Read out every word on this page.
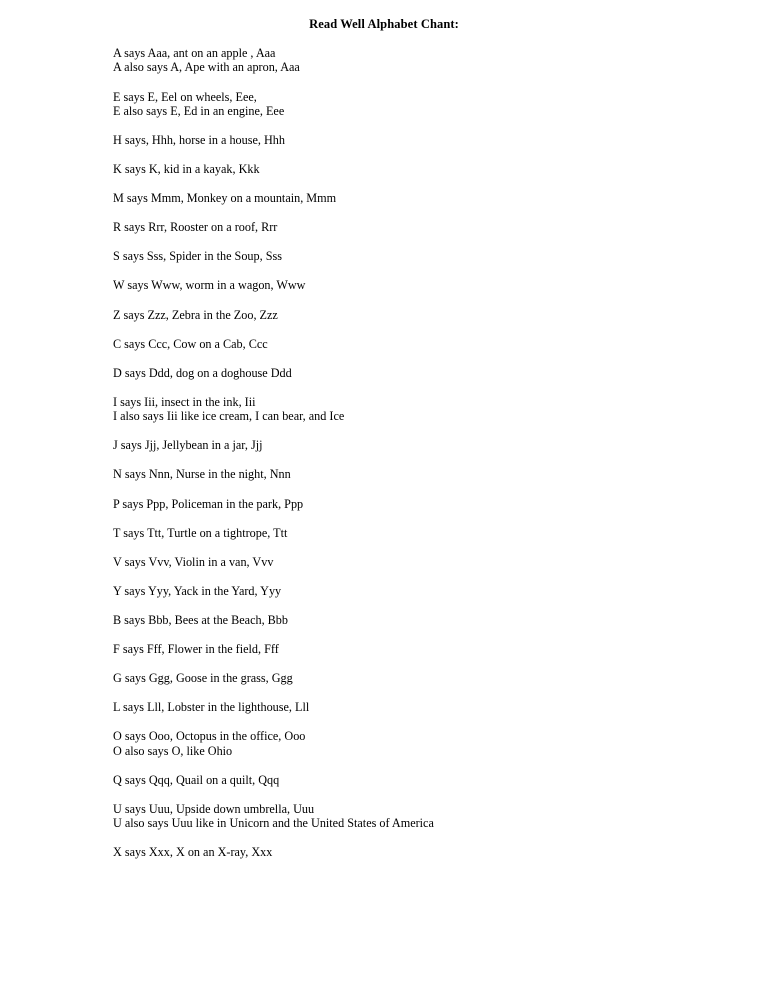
Read Well Alphabet Chant:
A says Aaa, ant on an apple , Aaa
A also says A, Ape with an apron, Aaa
E says E, Eel on wheels, Eee,
E also says E, Ed in an engine, Eee
H says, Hhh, horse in a house, Hhh
K says K, kid in a kayak, Kkk
M says Mmm, Monkey on a mountain, Mmm
R says Rrr, Rooster on a roof, Rrr
S says Sss, Spider in the Soup, Sss
W says Www, worm in a wagon, Www
Z says Zzz, Zebra in the Zoo, Zzz
C says Ccc, Cow on a Cab, Ccc
D says Ddd, dog on a doghouse Ddd
I says Iii, insect in the ink, Iii
I also says Iii like ice cream, I can bear, and Ice
J says Jjj, Jellybean in a jar, Jjj
N says Nnn, Nurse in the night, Nnn
P says Ppp, Policeman in the park, Ppp
T says Ttt, Turtle on a tightrope, Ttt
V says Vvv, Violin in a van, Vvv
Y says Yyy, Yack in the Yard, Yyy
B says Bbb, Bees at the Beach, Bbb
F says Fff, Flower in the field, Fff
G says Ggg, Goose in the grass, Ggg
L says Lll, Lobster in the lighthouse, Lll
O says Ooo, Octopus in the office, Ooo
O also says O, like Ohio
Q says Qqq, Quail on a quilt, Qqq
U says Uuu, Upside down umbrella, Uuu
U also says Uuu like in Unicorn and the United States of America
X says Xxx, X on an X-ray, Xxx
